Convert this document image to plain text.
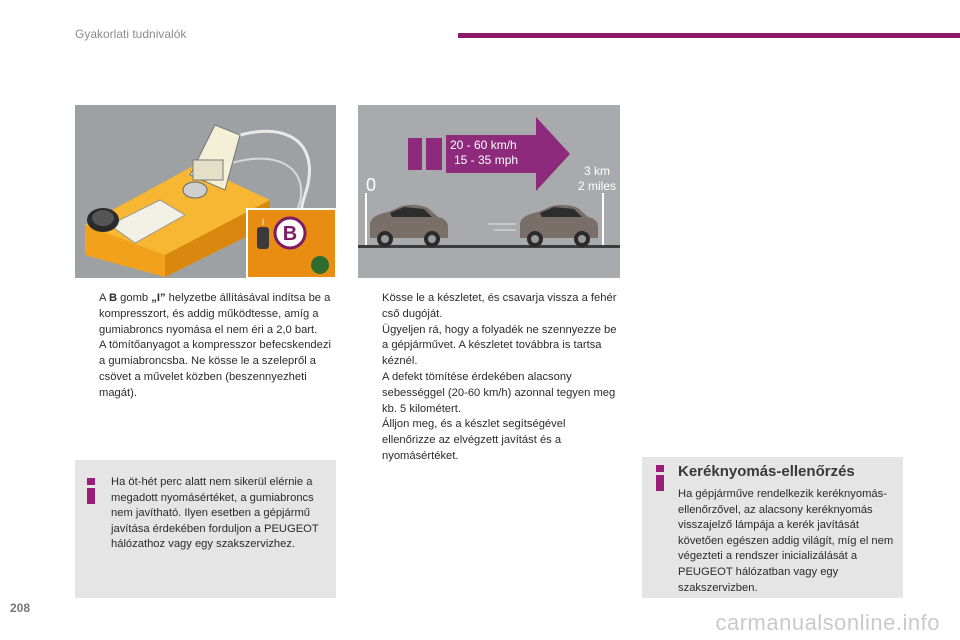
Gyakorlati tudnivalók
B
I
20 - 60 km/h
15 - 35 mph
0
3 km
2 miles

A B gomb „I” helyzetbe állításával indítsa be a kompresszort, és addig működtesse, amíg a gumiabroncs nyomása el nem éri a 2,0 bart.

A tömítőanyagot a kompresszor befecskendezi a gumiabroncsba. Ne kösse le a szelepről a csövet a művelet közben (beszennyezheti magát).

Kösse le a készletet, és csavarja vissza a fehér cső dugóját.

Ügyeljen rá, hogy a folyadék ne szennyezze be a gépjárművet. A készletet továbbra is tartsa kéznél.

A defekt tömítése érdekében alacsony sebességgel (20-60 km/h) azonnal tegyen meg kb. 5 kilométert.

Álljon meg, és a készlet segítségével ellenőrizze az elvégzett javítást és a nyomásértéket.

Ha öt-hét perc alatt nem sikerül elérnie a megadott nyomásértéket, a gumiabroncs nem javítható. Ilyen esetben a gépjármű javítása érdekében forduljon a PEUGEOT hálózathoz vagy egy szakszervizhez.
Keréknyomás-ellenőrzés
Ha gépjárműve rendelkezik keréknyomás-ellenőrzővel, az alacsony keréknyomás visszajelző lámpája a kerék javítását követően egészen addig világít, míg el nem végezteti a rendszer inicializálását a PEUGEOT hálózatban vagy egy szakszervizben.
208
carmanualsonline.info
